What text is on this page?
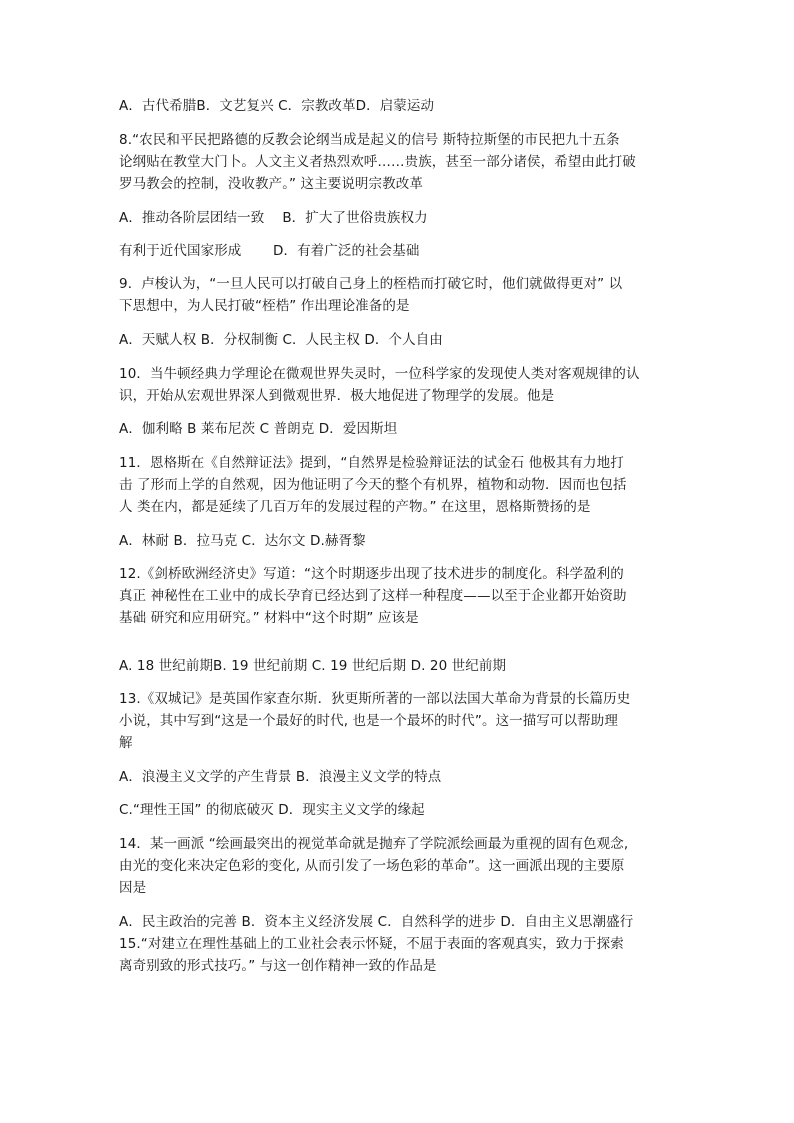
A．古代希腊B．文艺复兴 C．宗教改革D．启蒙运动
8.“农民和平民把路德的反教会论纲当成是起义的信号 斯特拉斯堡的市民把九十五条
论纲贴在教堂大门卜。人文主义者热烈欢呼……贵族，甚至一部分诸侯，希望由此打破
罗马教会的控制，没收教产。” 这主要说明宗教改革
A．推动各阶层团结一致　 B．扩大了世俗贵族权力
有利于近代国家形成　　 D．有着广泛的社会基础
9．卢梭认为，“一旦人民可以打破自己身上的桎梏而打破它时，他们就做得更对” 以
下思想中，为人民打破“桎梏” 作出理论准备的是
A．天赋人权 B．分权制衡 C．人民主权 D．个人自由
10．当牛顿经典力学理论在微观世界失灵时，一位科学家的发现使人类对客观规律的认
识，开始从宏观世界深人到微观世界．极大地促进了物理学的发展。他是
A．伽利略 B 莱布尼茨 C 普朗克 D．爱因斯坦
11．恩格斯在《自然辩证法》提到，“自然界是检验辩证法的试金石 他极其有力地打
击 了形而上学的自然观，因为他证明了今天的整个有机界，植物和动物．因而也包括
人 类在内，都是延续了几百万年的发展过程的产物。” 在这里，恩格斯赞扬的是
A．林耐 B．拉马克 C．达尔文 D.赫胥黎
12.《剑桥欧洲经济史》写道：“这个时期逐步出现了技术进步的制度化。科学盈利的
真正 神秘性在工业中的成长孕育已经达到了这样一种程度——以至于企业都开始资助
基础 研究和应用研究。” 材料中“这个时期” 应该是
A. 18 世纪前期B. 19 世纪前期 C. 19 世纪后期 D. 20 世纪前期
13.《双城记》是英国作家查尔斯．狄更斯所著的一部以法国大革命为背景的长篇历史
小说，其中写到“这是一个最好的时代, 也是一个最坏的时代”。这一描写可以帮助理
解
A．浪漫主义文学的产生背景 B．浪漫主义文学的特点
C.“理性王国” 的彻底破灭 D．现实主义文学的缘起
14．某一画派 “绘画最突出的视觉革命就是抛弃了学院派绘画最为重视的固有色观念,
由光的变化来决定色彩的变化, 从而引发了一场色彩的革命”。这一画派出现的主要原
因是
A．民主政治的完善 B．资本主义经济发展 C．自然科学的进步 D．自由主义思潮盛行
15.“对建立在理性基础上的工业社会表示怀疑，不屈于表面的客观真实，致力于探索
离奇别致的形式技巧。” 与这一创作精神一致的作品是
